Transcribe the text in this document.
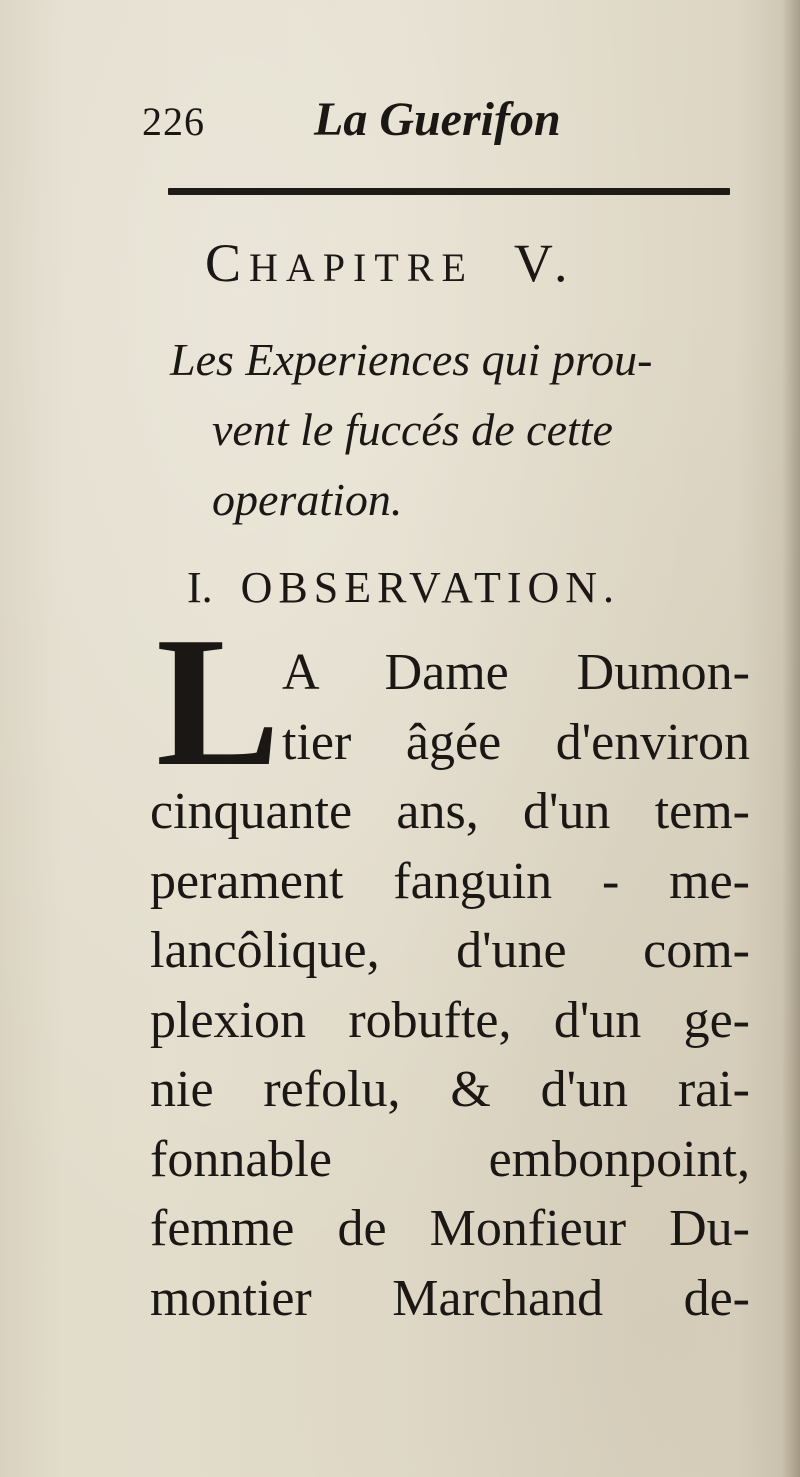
226 La Guerifon
CHAPITRE V.
Les Experiences qui prou-
vent le fuccés de cette
operation.
I. OBSERVATION.
L A Dame Dumon-
tier âgée d'environ
cinquante ans, d'un tem-
perament fanguin - me-
lancôlique, d'une com-
plexion robufte, d'un ge-
nie refolu, & d'un rai-
fonnable embonpoint,
femme de Monfieur Du-
montier Marchand de-
